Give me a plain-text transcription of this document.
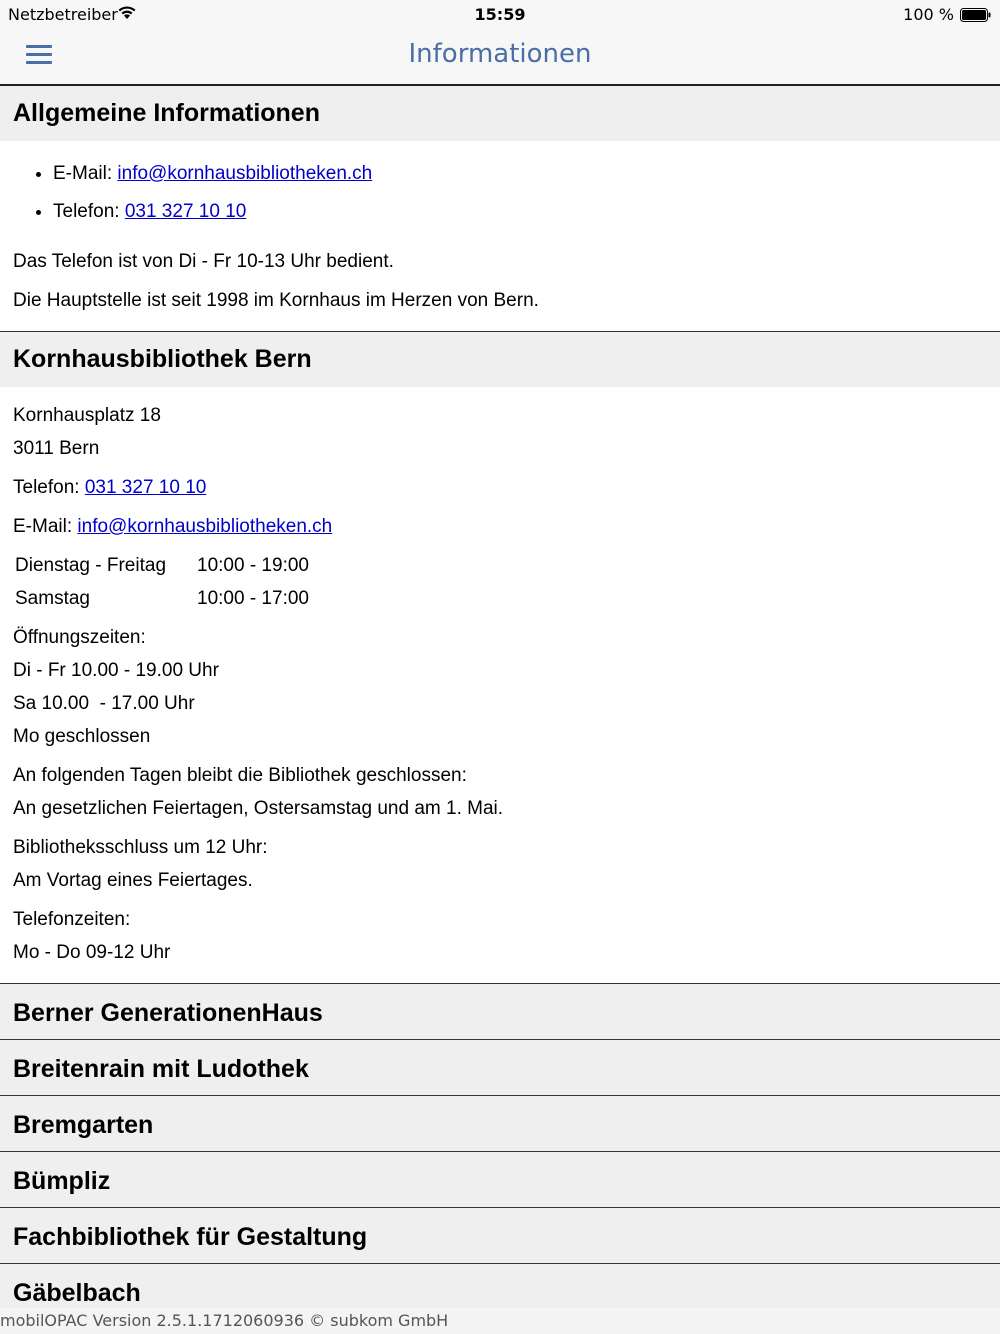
Netzbetreiber	15:59	100 %
Informationen
Allgemeine Informationen
• E-Mail: info@kornhausbibliotheken.ch
• Telefon: 031 327 10 10

Das Telefon ist von Di - Fr 10-13 Uhr bedient.

Die Hauptstelle ist seit 1998 im Kornhaus im Herzen von Bern.

Kornhausbibliothek Bern

Kornhausplatz 18

3011 Bern

Telefon: 031 327 10 10

E-Mail: info@kornhausbibliotheken.ch

Dienstag - Freitag	10:00 - 19:00
Samstag	10:00 - 17:00

Öffnungszeiten:

Di - Fr 10.00 - 19.00 Uhr

Sa 10.00  - 17.00 Uhr

Mo geschlossen

An folgenden Tagen bleibt die Bibliothek geschlossen:

An gesetzlichen Feiertagen, Ostersamstag und am 1. Mai.

Bibliotheksschluss um 12 Uhr:

Am Vortag eines Feiertages.

Telefonzeiten:

Mo - Do 09-12 Uhr

Berner GenerationenHaus
Breitenrain mit Ludothek
Bremgarten
Bümpliz
Fachbibliothek für Gestaltung
Gäbelbach
mobilOPAC Version 2.5.1.1712060936 © subkom GmbH
